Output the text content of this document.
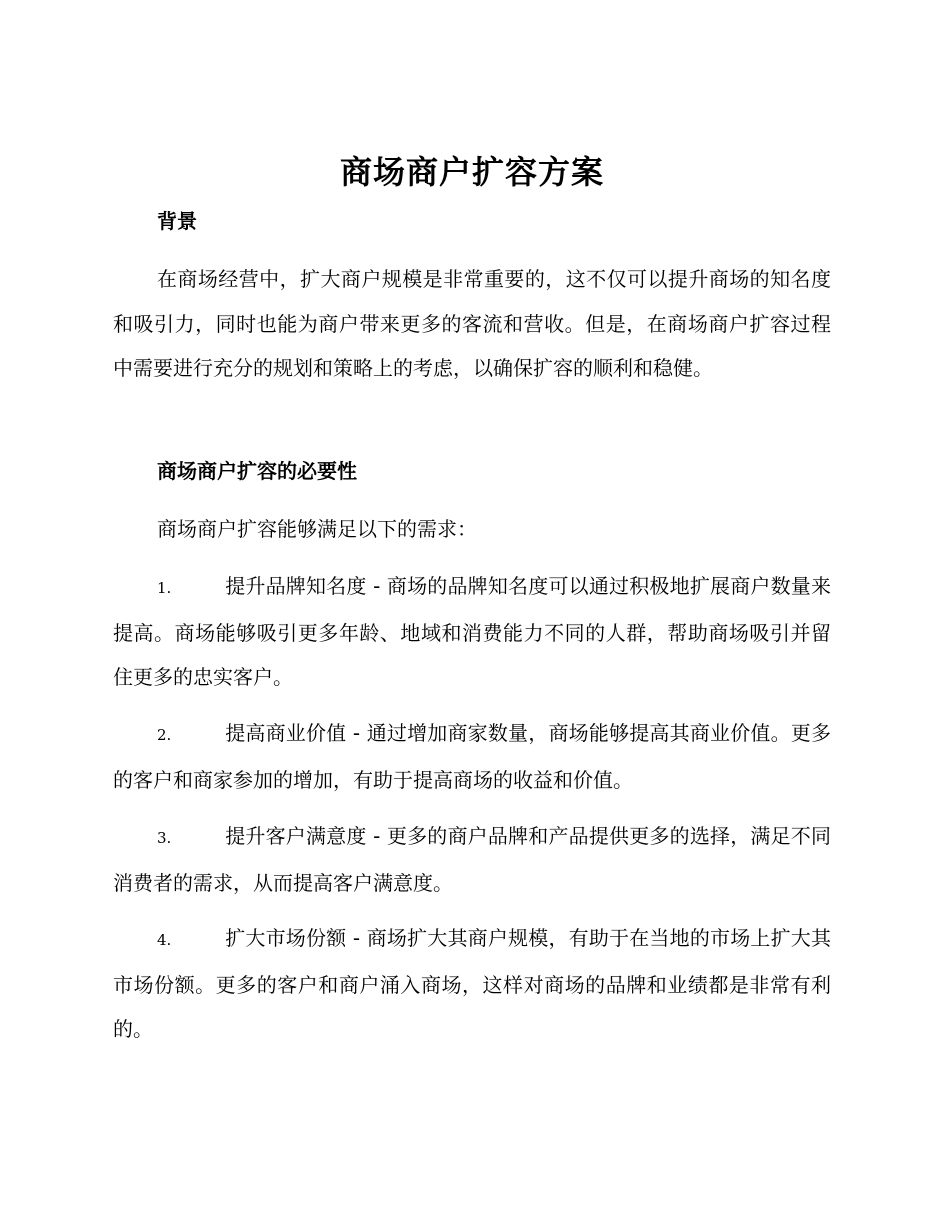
商场商户扩容方案
背景
在商场经营中，扩大商户规模是非常重要的，这不仅可以提升商场的知名度和吸引力，同时也能为商户带来更多的客流和营收。但是，在商场商户扩容过程中需要进行充分的规划和策略上的考虑，以确保扩容的顺利和稳健。
商场商户扩容的必要性
商场商户扩容能够满足以下的需求：
1.	提升品牌知名度 - 商场的品牌知名度可以通过积极地扩展商户数量来提高。商场能够吸引更多年龄、地域和消费能力不同的人群，帮助商场吸引并留住更多的忠实客户。
2.	提高商业价值 - 通过增加商家数量，商场能够提高其商业价值。更多的客户和商家参加的增加，有助于提高商场的收益和价值。
3.	提升客户满意度 - 更多的商户品牌和产品提供更多的选择，满足不同消费者的需求，从而提高客户满意度。
4.	扩大市场份额 - 商场扩大其商户规模，有助于在当地的市场上扩大其市场份额。更多的客户和商户涌入商场，这样对商场的品牌和业绩都是非常有利的。
